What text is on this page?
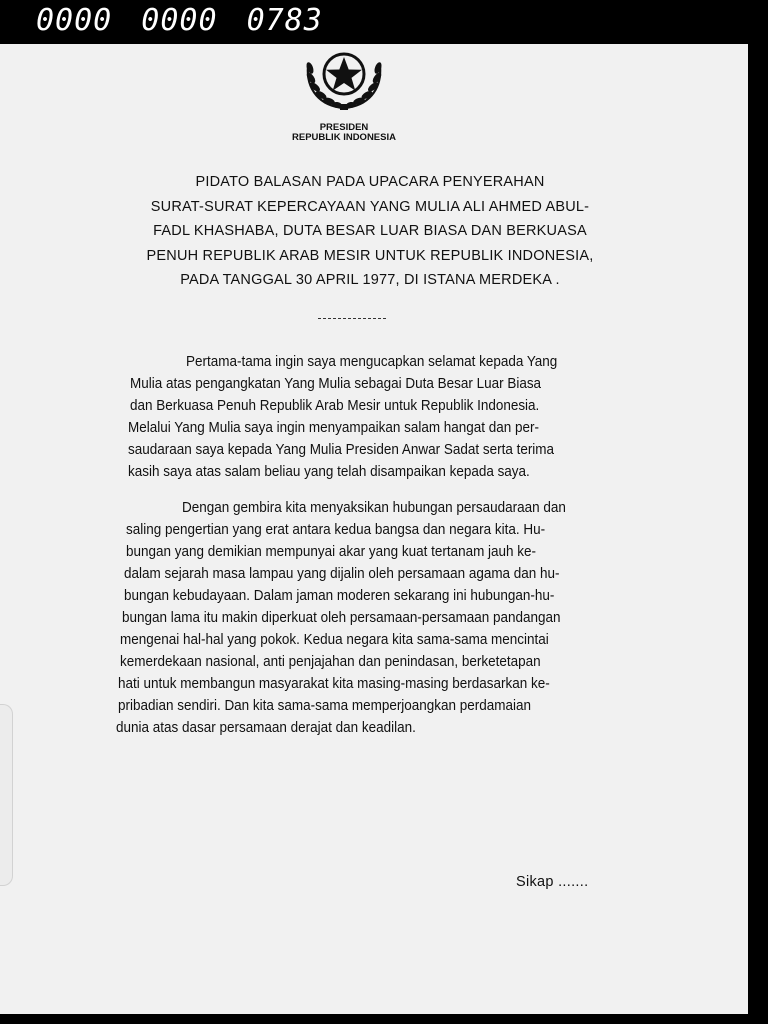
0000 0000 0783
PRESIDEN
REPUBLIK INDONESIA
PIDATO BALASAN PADA UPACARA PENYERAHAN
SURAT-SURAT KEPERCAYAAN YANG MULIA ALI AHMED ABUL-
FADL KHASHABA, DUTA BESAR LUAR BIASA DAN BERKUASA
PENUH REPUBLIK ARAB MESIR UNTUK REPUBLIK INDONESIA,
PADA TANGGAL 30 APRIL 1977, DI ISTANA MERDEKA .
Pertama-tama ingin saya mengucapkan selamat kepada Yang
Mulia atas pengangkatan Yang Mulia sebagai Duta Besar Luar Biasa
dan Berkuasa Penuh Republik Arab Mesir untuk Republik Indonesia.
Melalui Yang Mulia saya ingin menyampaikan salam hangat dan per-
saudaraan saya kepada Yang Mulia Presiden Anwar Sadat serta terima
kasih saya atas salam beliau yang telah disampaikan kepada saya.
Dengan gembira kita menyaksikan hubungan persaudaraan dan
saling pengertian yang erat antara kedua bangsa dan negara kita. Hu-
bungan yang demikian mempunyai akar yang kuat tertanam jauh ke-
dalam sejarah masa lampau yang dijalin oleh persamaan agama dan hu-
bungan kebudayaan. Dalam jaman moderen sekarang ini hubungan-hu-
bungan lama itu makin diperkuat oleh persamaan-persamaan pandangan
mengenai hal-hal yang pokok. Kedua negara kita sama-sama mencintai
kemerdekaan nasional, anti penjajahan dan penindasan, berketetapan
hati untuk membangun masyarakat kita masing-masing berdasarkan ke-
pribadian sendiri. Dan kita sama-sama memperjoangkan perdamaian
dunia atas dasar persamaan derajat dan keadilan.
Sikap .......
